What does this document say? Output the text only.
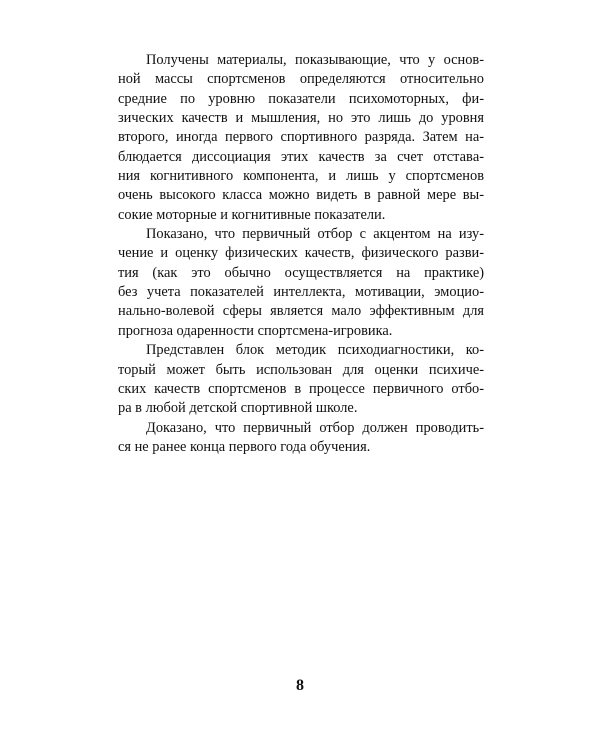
Получены материалы, показывающие, что у основ-
ной массы спортсменов определяются относительно
средние по уровню показатели психомоторных, фи-
зических качеств и мышления, но это лишь до уровня
второго, иногда первого спортивного разряда. Затем на-
блюдается диссоциация этих качеств за счет отставa-
ния когнитивного компонента, и лишь у спортсменов
очень высокого класса можно видеть в равной мере вы-
сокие моторные и когнитивные показатели.
Показано, что первичный отбор с акцентом на изу-
чение и оценку физических качеств, физического разви-
тия (как это обычно осуществляется на практике)
без учета показателей интеллекта, мотивации, эмоцио-
нально-волевой сферы является мало эффективным для
прогноза одаренности спортсмена-игровика.
Представлен блок методик психодиагностики, ко-
торый может быть использован для оценки психиче-
ских качеств спортсменов в процессе первичного отбо-
ра в любой детской спортивной школе.
Доказано, что первичный отбор должен проводить-
ся не ранее конца первого года обучения.
8
